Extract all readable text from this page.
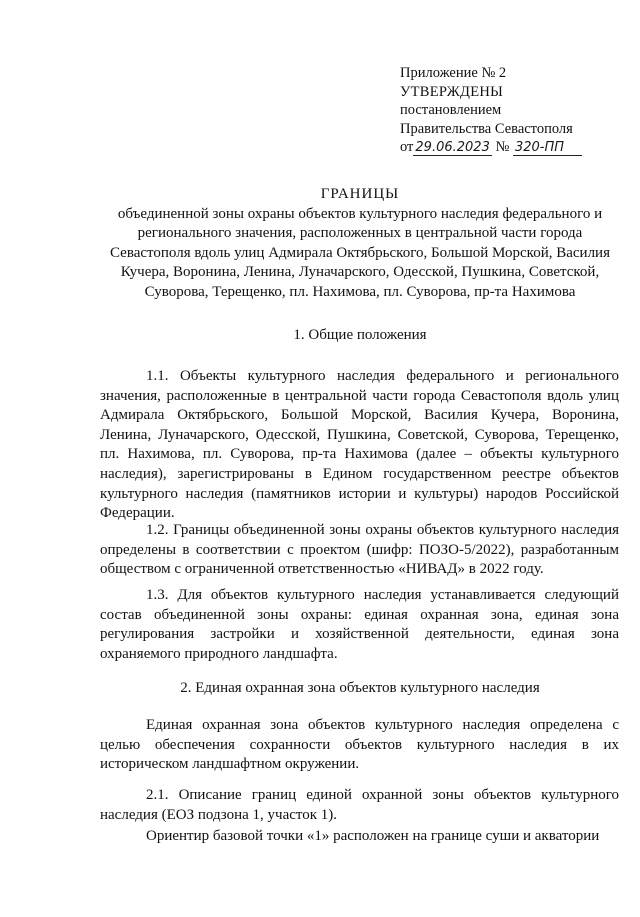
Приложение № 2
УТВЕРЖДЕНЫ
постановлением
Правительства Севастополя
от 29.06.2023 № 320-ПП
ГРАНИЦЫ
объединенной зоны охраны объектов культурного наследия федерального и регионального значения, расположенных в центральной части города Севастополя вдоль улиц Адмирала Октябрьского, Большой Морской, Василия Кучера, Воронина, Ленина, Луначарского, Одесской, Пушкина, Советской, Суворова, Терещенко, пл. Нахимова, пл. Суворова, пр-та Нахимова
1. Общие положения
1.1. Объекты культурного наследия федерального и регионального значения, расположенные в центральной части города Севастополя вдоль улиц Адмирала Октябрьского, Большой Морской, Василия Кучера, Воронина, Ленина, Луначарского, Одесской, Пушкина, Советской, Суворова, Терещенко, пл. Нахимова, пл. Суворова, пр-та Нахимова (далее – объекты культурного наследия), зарегистрированы в Едином государственном реестре объектов культурного наследия (памятников истории и культуры) народов Российской Федерации.
1.2. Границы объединенной зоны охраны объектов культурного наследия определены в соответствии с проектом (шифр: ПОЗО-5/2022), разработанным обществом с ограниченной ответственностью «НИВАД» в 2022 году.
1.3. Для объектов культурного наследия устанавливается следующий состав объединенной зоны охраны: единая охранная зона, единая зона регулирования застройки и хозяйственной деятельности, единая зона охраняемого природного ландшафта.
2. Единая охранная зона объектов культурного наследия
Единая охранная зона объектов культурного наследия определена с целью обеспечения сохранности объектов культурного наследия в их историческом ландшафтном окружении.
2.1. Описание границ единой охранной зоны объектов культурного наследия (ЕОЗ подзона 1, участок 1).
Ориентир базовой точки «1» расположен на границе суши и акватории
